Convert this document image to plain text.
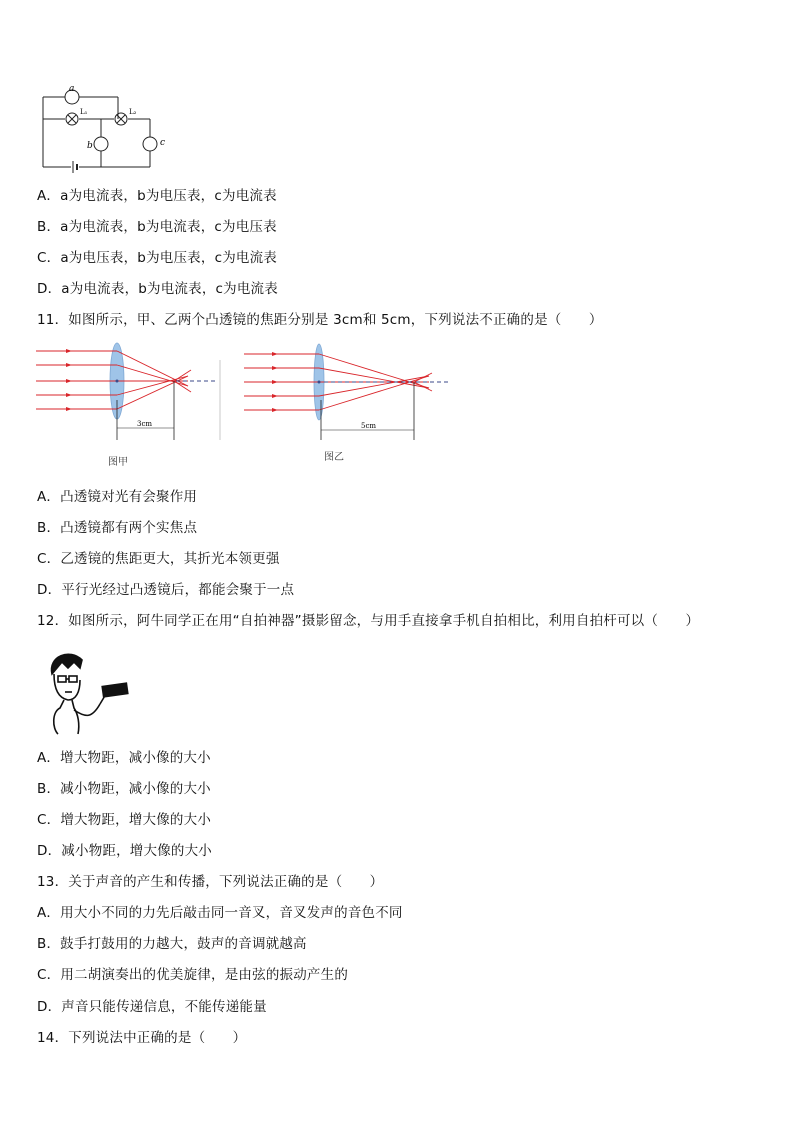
a
b	c
L₁	L₂
A．a为电流表，b为电压表，c为电流表
B．a为电流表，b为电流表，c为电压表
C．a为电压表，b为电压表，c为电流表
D．a为电流表，b为电流表，c为电流表
11．如图所示，甲、乙两个凸透镜的焦距分别是 3cm和 5cm，下列说法不正确的是（　　）
3cm
图甲
5cm
图乙
A．凸透镜对光有会聚作用
B．凸透镜都有两个实焦点
C．乙透镜的焦距更大，其折光本领更强
D．平行光经过凸透镜后，都能会聚于一点
12．如图所示，阿牛同学正在用“自拍神器”摄影留念，与用手直接拿手机自拍相比，利用自拍杆可以（　　）
A．增大物距，减小像的大小
B．减小物距，减小像的大小
C．增大物距，增大像的大小
D．减小物距，增大像的大小
13．关于声音的产生和传播，下列说法正确的是（　　）
A．用大小不同的力先后敲击同一音叉，音叉发声的音色不同
B．鼓手打鼓用的力越大，鼓声的音调就越高
C．用二胡演奏出的优美旋律，是由弦的振动产生的
D．声音只能传递信息，不能传递能量
14．下列说法中正确的是（　　）
